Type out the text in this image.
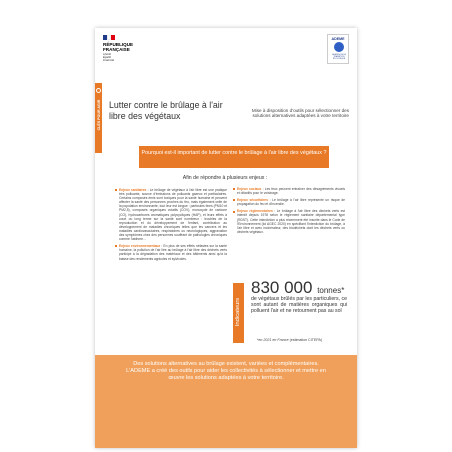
RÉPUBLIQUE
FRANÇAISE
Liberté
Égalité
Fraternité
ADEME
AGENCE DE LA TRANSITION ÉCOLOGIQUE
CLÉS POUR AGIR Lutter contre le brûlage à l'air libre des végétaux	Mise à disposition d'outils pour sélectionner des solutions alternatives adaptées à votre territoire
Pourquoi est-il important de lutter contre le brûlage à l'air libre des végétaux ?
Afin de répondre à plusieurs enjeux :
Enjeux sanitaires : Le brûlage de végétaux à l'air libre est une pratique très polluante, source d'émissions de polluants gazeux et particulaires. Certains composés émis sont toxiques pour la santé humaine et peuvent affecter la santé des personnes proches du feu, mais également celle de la population environnante, tout leur est longue : particules fines (PM10 et PM2,5), composés organiques volatils (COV), monoxyde de carbone (CO), hydrocarbures aromatiques polycycliques (HAP), et leurs effets à court ou long terme sur la santé sont nombreux : troubles de la reproduction et du développement de l'enfant, contribution au développement de maladies chroniques telles que les cancers et les maladies cardiovasculaires, respiratoires ou neurologiques, aggravation des symptômes chez des personnes souffrant de pathologies chroniques comme l'asthme…
Enjeux environnementaux : En plus de ses effets néfastes sur la santé humaine, la pollution de l'air liée au brûlage à l'air libre des déchets verts participe à la dégradation des matériaux et des bâtiments ainsi qu'à la baisse des rendements agricoles et sylvicoles.
Enjeux sociaux : Les feux peuvent entraîner des désagréments visuels et olfactifs pour le voisinage.
Enjeux sécuritaires : Le brûlage à l'air libre représente un risque de propagation du feu et d'incendie.
Enjeux réglementaires : Le brûlage à l'air libre des déchets verts est interdit depuis 1978 selon le règlement sanitaire départemental type (RDST). Cette interdiction a plus récemment été inscrite dans le Code de l'Environnement (loi AGEC 2020) en spécifiant l'interdiction du brûlage, à l'air libre et avec incinérateur, des biodéchets dont les déchets verts ou déchets végétaux.
Indicateurs
830 000 tonnes*
de végétaux brûlés par les particuliers, ce sont autant de matières organiques qui polluent l'air et ne retournent pas au sol
*en 2021 en France (estimation CITEPA)

Des solutions alternatives au brûlage existent, variées et complémentaires.

L'ADEME a créé des outils pour aider les collectivités à sélectionner et mettre en œuvre les solutions adaptées à votre territoire.
